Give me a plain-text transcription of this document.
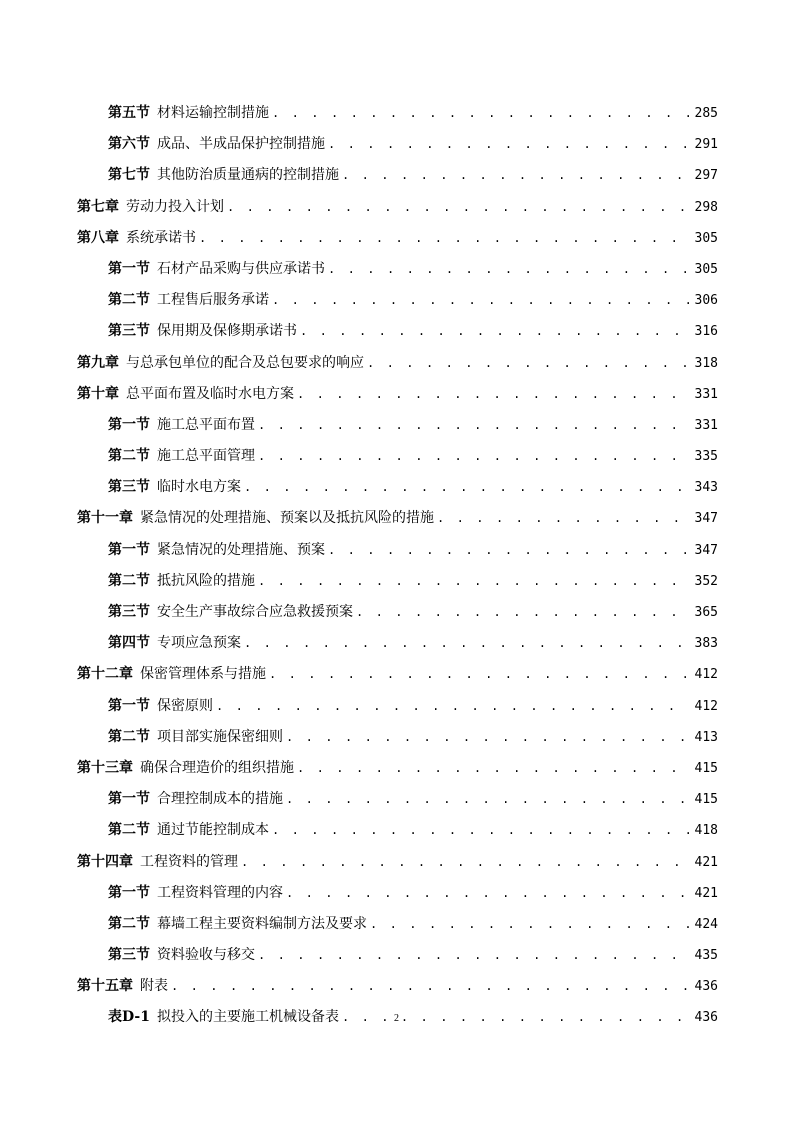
第五节 材料运输控制措施 . . .	285
第六节 成品、半成品保护控制措施 . . .	291
第七节 其他防治质量通病的控制措施 . . .	297
第七章 劳动力投入计划 . . .	298
第八章 系统承诺书 . . .	305
第一节 石材产品采购与供应承诺书 . . .	305
第二节 工程售后服务承诺 . . .	306
第三节 保用期及保修期承诺书 . . .	316
第九章 与总承包单位的配合及总包要求的响应 . . .	318
第十章 总平面布置及临时水电方案 . . .	331
第一节 施工总平面布置 . . .	331
第二节 施工总平面管理 . . .	335
第三节 临时水电方案 . . .	343
第十一章 紧急情况的处理措施、预案以及抵抗风险的措施 . . .	347
第一节 紧急情况的处理措施、预案 . . .	347
第二节 抵抗风险的措施 . . .	352
第三节 安全生产事故综合应急救援预案 . . .	365
第四节 专项应急预案 . . .	383
第十二章 保密管理体系与措施 . . .	412
第一节 保密原则 . . .	412
第二节 项目部实施保密细则 . . .	413
第十三章 确保合理造价的组织措施 . . .	415
第一节 合理控制成本的措施 . . .	415
第二节 通过节能控制成本 . . .	418
第十四章 工程资料的管理 . . .	421
第一节 工程资料管理的内容 . . .	421
第二节 幕墙工程主要资料编制方法及要求 . . .	424
第三节 资料验收与移交 . . .	435
第十五章 附表 . . .	436
表D-1 拟投入的主要施工机械设备表 . . .	436
2
